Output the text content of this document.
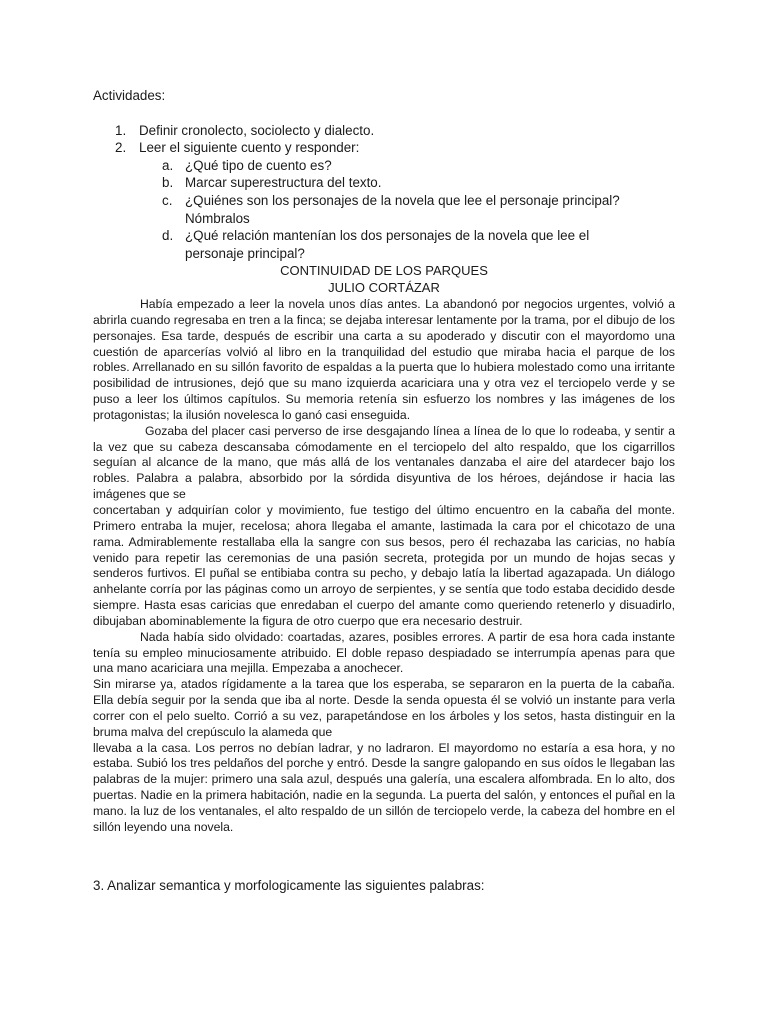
Actividades:
1. Definir cronolecto, sociolecto y dialecto.
2. Leer el siguiente cuento y responder:
a. ¿Qué tipo de cuento es?
b. Marcar superestructura del texto.
c. ¿Quiénes son los personajes de la novela que lee el personaje principal? Nómbralos
d. ¿Qué relación mantenían los dos personajes de la novela que lee el personaje principal?
CONTINUIDAD DE LOS PARQUES
JULIO CORTÁZAR

Había empezado a leer la novela unos días antes. La abandonó por negocios urgentes, volvió a abrirla cuando regresaba en tren a la finca; se dejaba interesar lentamente por la trama, por el dibujo de los personajes. Esa tarde, después de escribir una carta a su apoderado y discutir con el mayordomo una cuestión de aparcerías volvió al libro en la tranquilidad del estudio que miraba hacia el parque de los robles. Arrellanado en su sillón favorito de espaldas a la puerta que lo hubiera molestado como una irritante posibilidad de intrusiones, dejó que su mano izquierda acariciara una y otra vez el terciopelo verde y se puso a leer los últimos capítulos. Su memoria retenía sin esfuerzo los nombres y las imágenes de los protagonistas; la ilusión novelesca lo ganó casi enseguida.

Gozaba del placer casi perverso de irse desgajando línea a línea de lo que lo rodeaba, y sentir a la vez que su cabeza descansaba cómodamente en el terciopelo del alto respaldo, que los cigarrillos seguían al alcance de la mano, que más allá de los ventanales danzaba el aire del atardecer bajo los robles. Palabra a palabra, absorbido por la sórdida disyuntiva de los héroes, dejándose ir hacia las imágenes que se

concertaban y adquirían color y movimiento, fue testigo del último encuentro en la cabaña del monte. Primero entraba la mujer, recelosa; ahora llegaba el amante, lastimada la cara por el chicotazo de una rama. Admirablemente restallaba ella la sangre con sus besos, pero él rechazaba las caricias, no había venido para repetir las ceremonias de una pasión secreta, protegida por un mundo de hojas secas y senderos furtivos. El puñal se entibiaba contra su pecho, y debajo latía la libertad agazapada. Un diálogo anhelante corría por las páginas como un arroyo de serpientes, y se sentía que todo estaba decidido desde siempre. Hasta esas caricias que enredaban el cuerpo del amante como queriendo retenerlo y disuadirlo, dibujaban abominablemente la figura de otro cuerpo que era necesario destruir.

Nada había sido olvidado: coartadas, azares, posibles errores. A partir de esa hora cada instante tenía su empleo minuciosamente atribuido. El doble repaso despiadado se interrumpía apenas para que una mano acariciara una mejilla. Empezaba a anochecer.

Sin mirarse ya, atados rígidamente a la tarea que los esperaba, se separaron en la puerta de la cabaña. Ella debía seguir por la senda que iba al norte. Desde la senda opuesta él se volvió un instante para verla correr con el pelo suelto. Corrió a su vez, parapetándose en los árboles y los setos, hasta distinguir en la bruma malva del crepúsculo la alameda que

llevaba a la casa. Los perros no debían ladrar, y no ladraron. El mayordomo no estaría a esa hora, y no estaba. Subió los tres peldaños del porche y entró. Desde la sangre galopando en sus oídos le llegaban las palabras de la mujer: primero una sala azul, después una galería, una escalera alfombrada. En lo alto, dos puertas. Nadie en la primera habitación, nadie en la segunda. La puerta del salón, y entonces el puñal en la mano. la luz de los ventanales, el alto respaldo de un sillón de terciopelo verde, la cabeza del hombre en el sillón leyendo una novela.

3. Analizar semantica y morfologicamente las siguientes palabras:
